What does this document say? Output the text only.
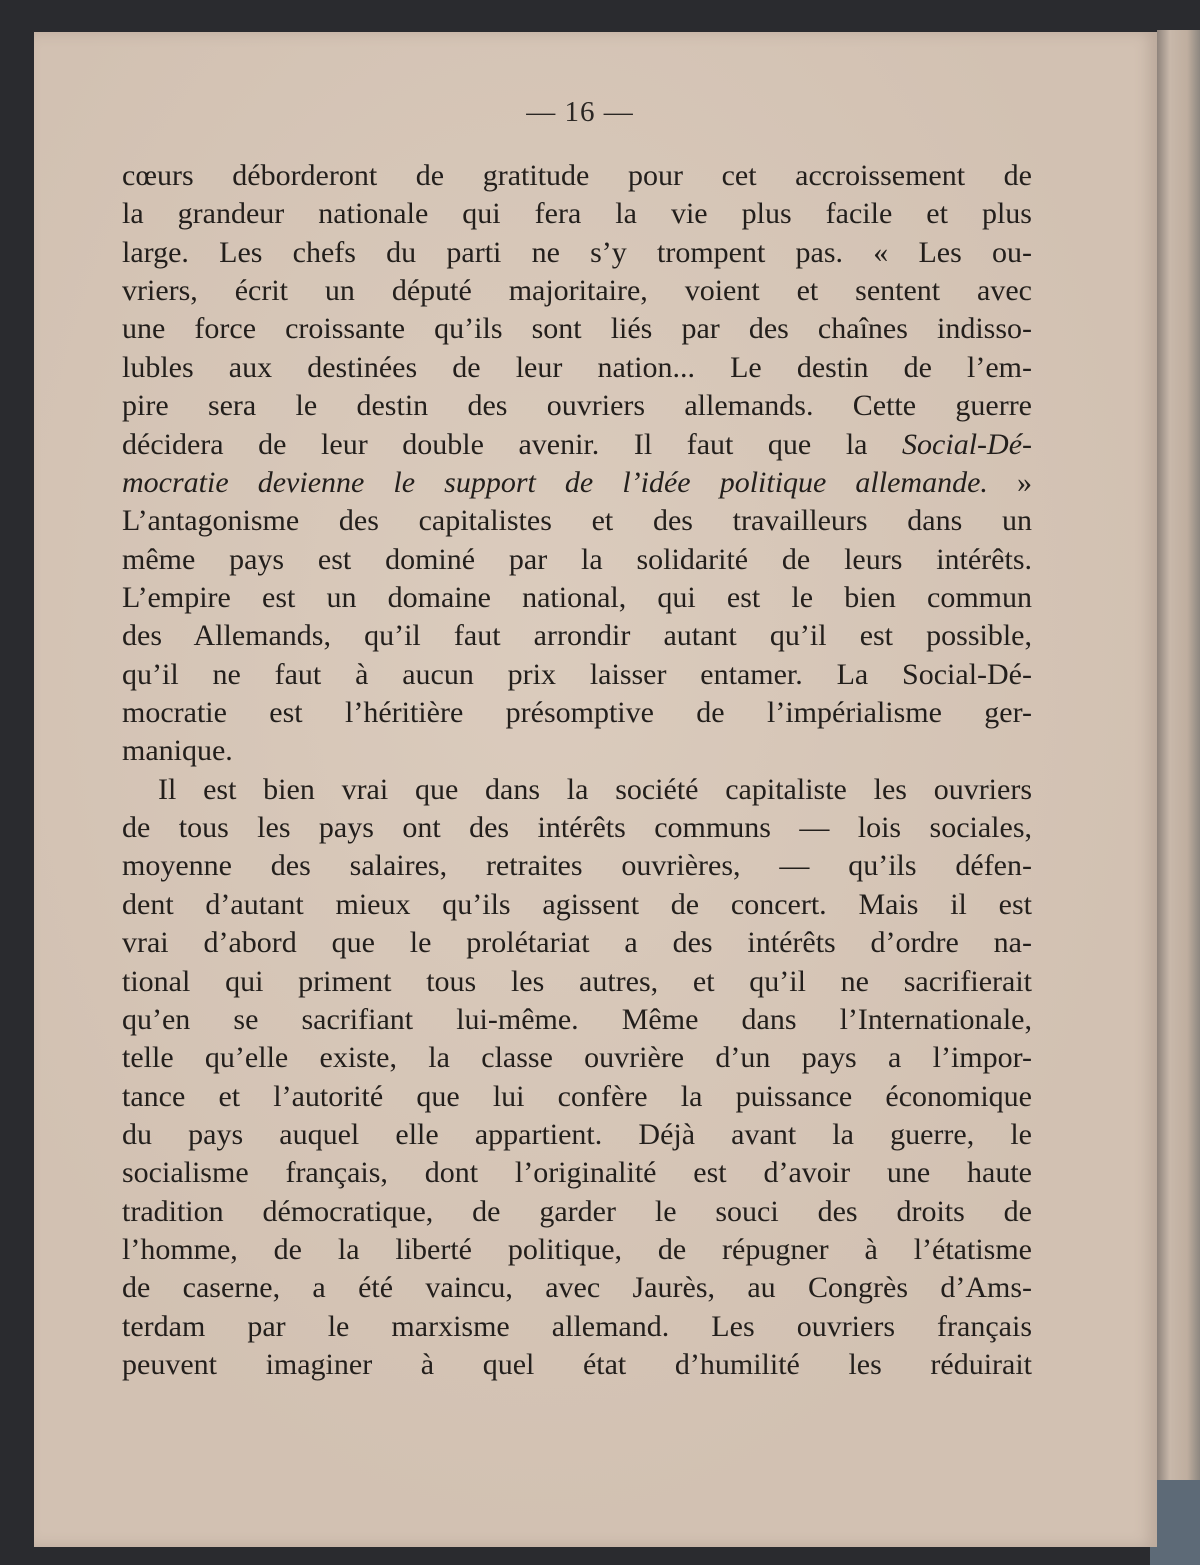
— 16 —
cœurs déborderont de gratitude pour cet accroissement de
la grandeur nationale qui fera la vie plus facile et plus
large. Les chefs du parti ne s’y trompent pas. « Les ou-
vriers, écrit un député majoritaire, voient et sentent avec
une force croissante qu’ils sont liés par des chaînes indisso-
lubles aux destinées de leur nation... Le destin de l’em-
pire sera le destin des ouvriers allemands. Cette guerre
décidera de leur double avenir. Il faut que la Social-Dé-
mocratie devienne le support de l’idée politique allemande. »
L’antagonisme des capitalistes et des travailleurs dans un
même pays est dominé par la solidarité de leurs intérêts.
L’empire est un domaine national, qui est le bien commun
des Allemands, qu’il faut arrondir autant qu’il est possible,
qu’il ne faut à aucun prix laisser entamer. La Social-Dé-
mocratie est l’héritière présomptive de l’impérialisme ger-
manique.
Il est bien vrai que dans la société capitaliste les ouvriers
de tous les pays ont des intérêts communs — lois sociales,
moyenne des salaires, retraites ouvrières, — qu’ils défen-
dent d’autant mieux qu’ils agissent de concert. Mais il est
vrai d’abord que le prolétariat a des intérêts d’ordre na-
tional qui priment tous les autres, et qu’il ne sacrifierait
qu’en se sacrifiant lui-même. Même dans l’Internationale,
telle qu’elle existe, la classe ouvrière d’un pays a l’impor-
tance et l’autorité que lui confère la puissance économique
du pays auquel elle appartient. Déjà avant la guerre, le
socialisme français, dont l’originalité est d’avoir une haute
tradition démocratique, de garder le souci des droits de
l’homme, de la liberté politique, de répugner à l’étatisme
de caserne, a été vaincu, avec Jaurès, au Congrès d’Ams-
terdam par le marxisme allemand. Les ouvriers français
peuvent imaginer à quel état d’humilité les réduirait
